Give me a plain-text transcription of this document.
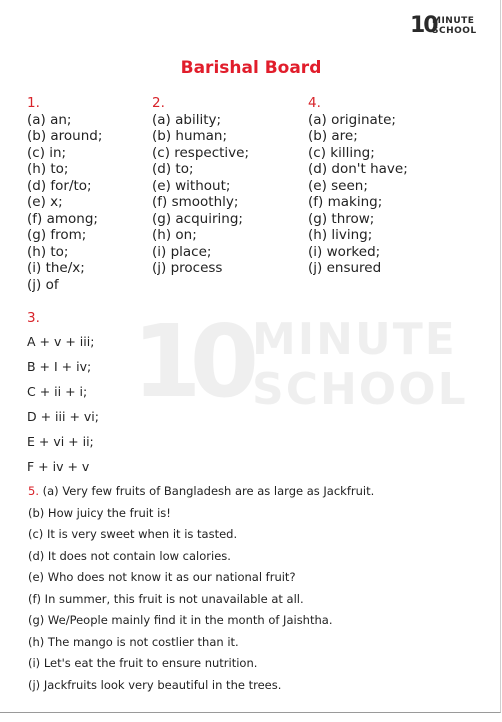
10
MINUTE
SCHOOL
10 MINUTE
SCHOOL
Barishal Board
1.
(a) an;
(b) around;
(c) in;
(h) to;
(d) for/to;
(e) x;
(f) among;
(g) from;
(h) to;
(i) the/x;
(j) of
2.
(a) ability;
(b) human;
(c) respective;
(d) to;
(e) without;
(f) smoothly;
(g) acquiring;
(h) on;
(i) place;
(j) process
4.
(a) originate;
(b) are;
(c) killing;
(d) don't have;
(e) seen;
(f) making;
(g) throw;
(h) living;
(i) worked;
(j) ensured
3.
A + v + iii;
B + I + iv;
C + ii + i;
D + iii + vi;
E + vi + ii;
F + iv + v
5. (a) Very few fruits of Bangladesh are as large as Jackfruit.
(b) How juicy the fruit is!
(c) It is very sweet when it is tasted.
(d) It does not contain low calories.
(e) Who does not know it as our national fruit?
(f) In summer, this fruit is not unavailable at all.
(g) We/People mainly find it in the month of Jaishtha.
(h) The mango is not costlier than it.
(i) Let's eat the fruit to ensure nutrition.
(j) Jackfruits look very beautiful in the trees.
